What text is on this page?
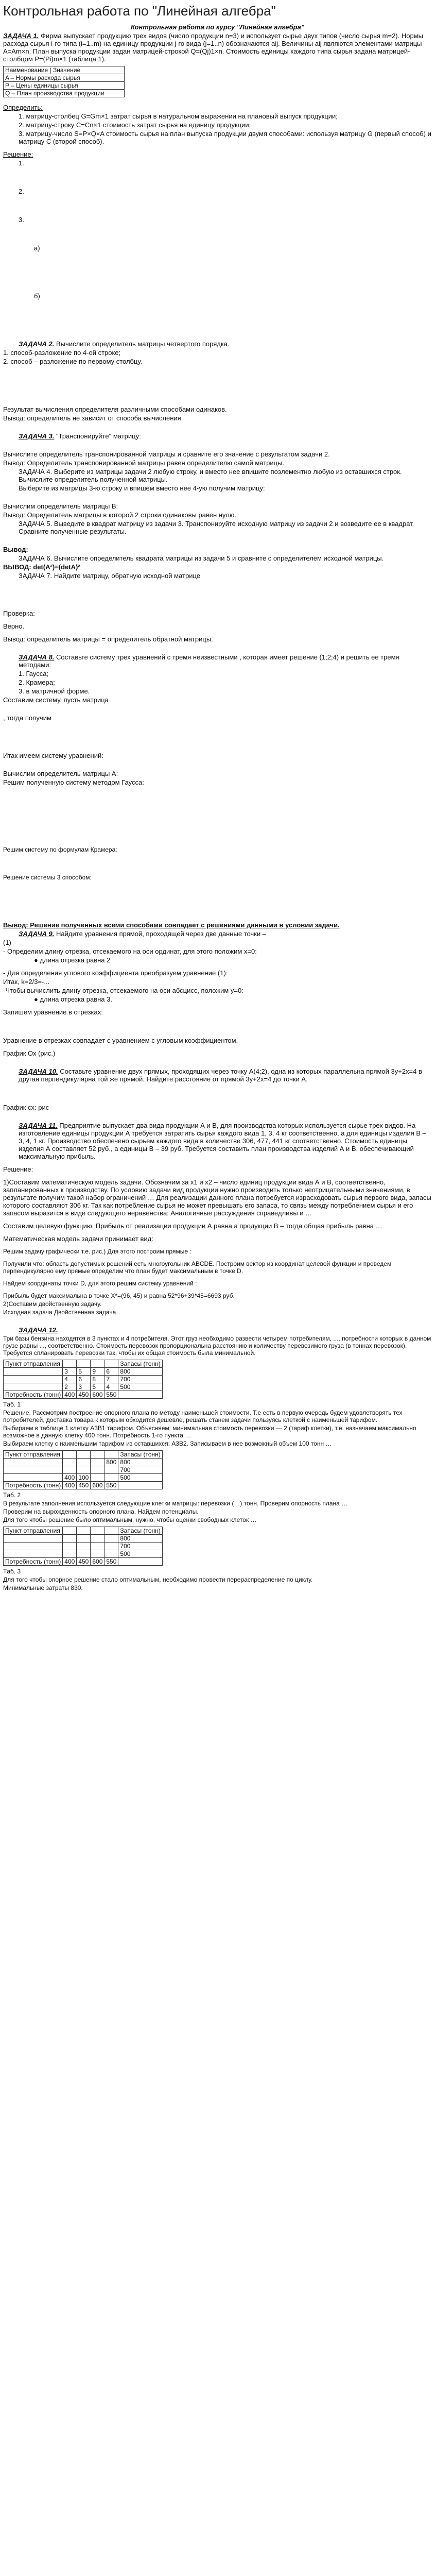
Контрольная работа по "Линейная алгебра"
Контрольная работа по курсу "Линейная алгебра"

ЗАДАЧА 1. Фирма выпускает продукцию трех видов (число продукции n=3) и использует сырье двух типов (число сырья m=2). Нормы расхода сырья i-го типа (i=1..m) на единицу продукции j-го вида (j=1..n) обозначаются aij. Величины aij являются элементами матрицы A=Am×n. План выпуска продукции задан матрицей-строкой Q=(Qj)1×n. Стоимость единицы каждого типа сырья задана матрицей-столбцом P=(Pi)m×1 (таблица 1).

Наименование | Значение
A – Нормы расхода сырья
P – Цены единицы сырья
Q – План производства продукции

Определить:

1. матрицу-столбец G=Gm×1 затрат сырья в натуральном выражении на плановый выпуск продукции;

2. матрицу-строку C=Cn×1 стоимость затрат сырья на единицу продукции;

3. матрицу-число S=P×Q×A стоимость сырья на план выпуска продукции двумя способами: используя матрицу G (первый способ) и матрицу C (второй способ).

Решение:

1.

2.

3.

a)

б)

ЗАДАЧА 2. Вычислите определитель матрицы четвертого порядка.

1. способ-разложение по 4-ой строке;

2. способ – разложение по первому столбцу.

Результат вычисления определителя различными способами одинаков.

Вывод: определитель не зависит от способа вычисления.

ЗАДАЧА 3. "Транспонируйте" матрицу:

Вычислите определитель транспонированной матрицы и сравните его значение с результатом задачи 2.

Вывод: Определитель транспонированной матрицы равен определителю самой матрицы.

ЗАДАЧА 4. Выберите из матрицы задачи 2 любую строку, и вместо нее впишите поэлементно любую из оставшихся строк. Вычислите определитель полученной матрицы.

Выберите из матрицы 3-ю строку и впишем вместо нее 4-ую получим матрицу:

Вычислим определитель матрицы В:

Вывод: Определитель матрицы в которой 2 строки одинаковы равен нулю.

ЗАДАЧА 5. Выведите в квадрат матрицу из задачи 3. Транспонируйте исходную матрицу из задачи 2 и возведите ее в квадрат. Сравните полученные результаты.

Вывод:

ЗАДАЧА 6. Вычислите определитель квадрата матрицы из задачи 5 и сравните с определителем исходной матрицы.

ВЫВОД: det(A²)=(detA)²

ЗАДАЧА 7. Найдите матрицу, обратную исходной матрице

Проверка:

Верно.

Вывод: определитель матрицы = определитель обратной матрицы.

ЗАДАЧА 8. Составьте систему трех уравнений с тремя неизвестными , которая имеет решение (1;2;4) и решить ее тремя методами:

1. Гаусса;

2. Крамера;

3. в матричной форме.

Составим систему, пусть матрица

, тогда получим

Итак имеем систему уравнений:

Вычислим определитель матрицы А:

Решим полученную систему методом Гаусса:

Решим систему по формулам Крамера:

Решение системы 3 способом:

Вывод: Решение полученных всеми способами совпадает с решениями данными в условии задачи.

ЗАДАЧА 9. Найдите уравнения прямой, проходящей через две данные точки –

(1)

- Определим длину отрезка, отсекаемого на оси ординат, для этого положим x=0:

● длина отрезка равна 2

- Для определения углового коэффициента преобразуем уравнение (1):

Итак, k=2/3=-...

-Чтобы вычислить длину отрезка, отсекаемого на оси абсцисс, положим y=0:

● длина отрезка равна 3.

Запишем уравнение в отрезках:

Уравнение в отрезках совпадает с уравнением с угловым коэффициентом.

График Ох (рис.)

ЗАДАЧА 10. Составьте уравнение двух прямых, проходящих через точку А(4;2), одна из которых параллельна прямой 3y+2x=4 в другая перпендикулярна той же прямой. Найдите расстояние от прямой 3y+2x=4 до точки А.

График сх: рис

ЗАДАЧА 11. Предприятие выпускает два вида продукции А и В, для производства которых используется сырье трех видов. На изготовление единицы продукции А требуется затратить сырья каждого вида 1, 3, 4 кг соответственно, а для единицы изделия В – 3, 4, 1 кг. Производство обеспечено сырьем каждого вида в количестве 306, 477, 441 кг соответственно. Стоимость единицы изделия А составляет 52 руб., а единицы В – 39 руб. Требуется составить план производства изделий А и В, обеспечивающий максимальную прибыль.

Решение:

1)Составим математическую модель задачи. Обозначим за x1 и x2 – число единиц продукции вида А и В, соответственно, запланированных к производству. По условию задачи вид продукции нужно производить только неотрицательными значениями, в результате получим такой набор ограничений … Для реализации данного плана потребуется израсходовать сырья первого вида, запасы которого составляют 306 кг. Так как потребление сырья не может превышать его запаса, то связь между потреблением сырья и его запасом выразится в виде следующего неравенства: Аналогичные рассуждения справедливы и …

Составим целевую функцию. Прибыль от реализации продукции А равна а продукции В – тогда общая прибыль равна …

Математическая модель задачи принимает вид:

Решим задачу графически т.е. рис.) Для этого построим прямые :

Получили что: область допустимых решений есть многоугольник ABCDE. Построим вектор из координат целевой функции и проведем перпендикулярно ему прямые определим что план будет максимальным в точке D.

Найдем координаты точки D, для этого решим систему уравнений :

Прибыль будет максимальна в точке X*=(96, 45) и равна 52*96+39*45=6693 руб.

2)Составим двойственную задачу.

Исходная задача Двойственная задача

ЗАДАЧА 12.

Три базы бензина находятся в 3 пунктах и 4 потребителя. Этот груз необходимо развести четырем потребителям, ..., потребности которых в данном грузе равны ..., соответственно. Стоимость перевозок пропорциональна расстоянию и количеству перевозимого груза (в тоннах перевозок). Требуется спланировать перевозки так, чтобы их общая стоимость была минимальной.

Пункт отправления					Запасы (тонн)
	3	5	9	6	800
	4	6	8	7	700
	2	3	5	4	500
Потребность (тонн)	400	450	600	550	

Тaб. 1

Решение. Рассмотрим построение опорного плана по методу наименьшей стоимости. Т.е есть в первую очередь будем удовлетворять тех потребителей, доставка товара к которым обходится дешевле, решать станем задачи пользуясь клеткой с наименьшей тарифом.

Выбираем в таблице 1 клетку A3B1 тарифом. Объясняем: минимальная стоимость перевозки — 2 (тариф клетки), т.е. назначаем максимально возможное в данную клетку 400 тонн. Потребность 1-го пункта …

Выбираем клетку с наименьшим тарифом из оставшихся: A3B2. Записываем в нее возможный объем 100 тонн …

Пункт отправления					Запасы (тонн)
				800	800
					700
	400	100			500
Потребность (тонн)	400	450	600	550	

Тaб. 2

В результате заполнения используется следующие клетки матрицы: перевозки (…) тонн. Проверим опорность плана …

Проверим на вырожденность опорного плана. Найдем потенциалы.

Для того чтобы решение было оптимальным, нужно, чтобы оценки свободных клеток …

Пункт отправления					Запасы (тонн)
					800
					700
					500
Потребность (тонн)	400	450	600	550	

Тaб. 3

Для того чтобы опорное решение стало оптимальным, необходимо провести перераспределение по циклу.

Минимальные затраты 830.
